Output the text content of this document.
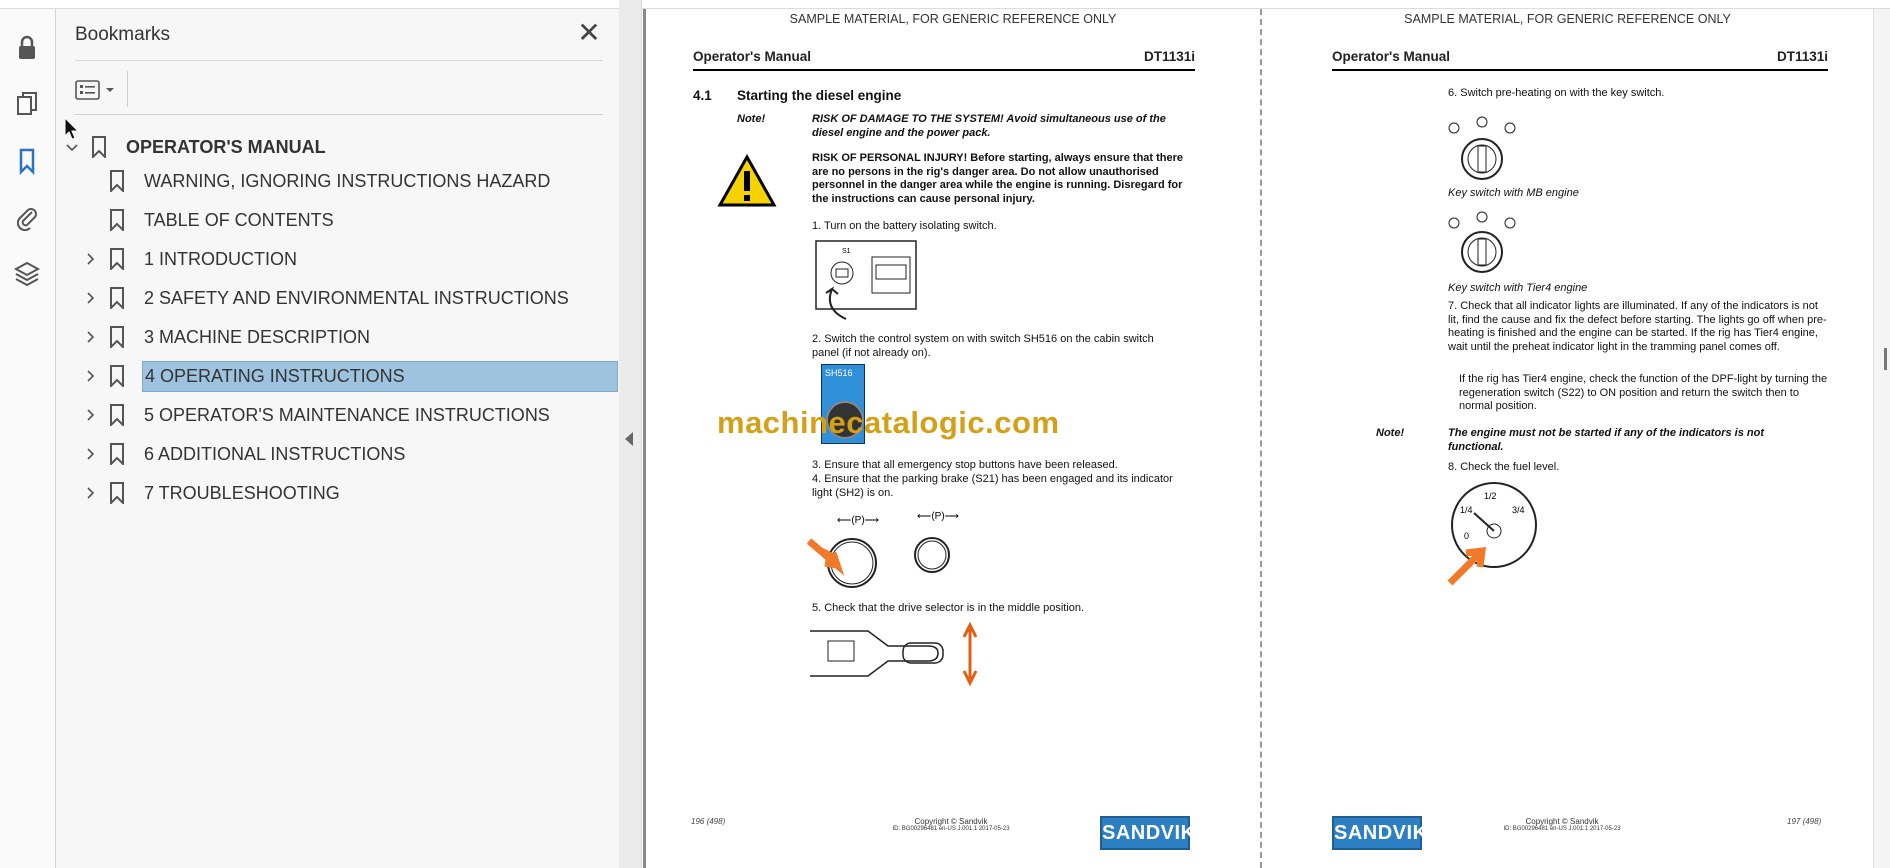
Bookmarks	✕
OPERATOR'S MANUAL
WARNING, IGNORING INSTRUCTIONS HAZARD
TABLE OF CONTENTS
1 INTRODUCTION
2 SAFETY AND ENVIRONMENTAL INSTRUCTIONS
3 MACHINE DESCRIPTION
4 OPERATING INSTRUCTIONS
5 OPERATOR'S MAINTENANCE INSTRUCTIONS
6 ADDITIONAL INSTRUCTIONS
7 TROUBLESHOOTING
SAMPLE MATERIAL, FOR GENERIC REFERENCE ONLY
Operator's Manual	DT1131i
4.1 Starting the diesel engine
Note!	RISK OF DAMAGE TO THE SYSTEM! Avoid simultaneous use of the diesel engine and the power pack.
RISK OF PERSONAL INJURY! Before starting, always ensure that there are no persons in the rig's danger area. Do not allow unauthorised personnel in the danger area while the engine is running. Disregard for the instructions can cause personal injury.
1. Turn on the battery isolating switch.
S1
2. Switch the control system on with switch SH516 on the cabin switch panel (if not already on).
SH516
3. Ensure that all emergency stop buttons have been released.
4. Ensure that the parking brake (S21) has been engaged and its indicator light (SH2) is on.
⟵(P)⟶	⟵(P)⟶
5. Check that the drive selector is in the middle position.
196 (498)	Copyright © Sandvik
ID: BG00296481 en-US J.001.1 2017-05-23	SANDVIK
SAMPLE MATERIAL, FOR GENERIC REFERENCE ONLY
Operator's Manual	DT1131i
6. Switch pre-heating on with the key switch.
Key switch with MB engine
Key switch with Tier4 engine
7. Check that all indicator lights are illuminated. If any of the indicators is not lit, find the cause and fix the defect before starting. The lights go off when pre-heating is finished and the engine can be started. If the rig has Tier4 engine, wait until the preheat indicator light in the tramming panel comes off.
If the rig has Tier4 engine, check the function of the DPF-light by turning the regeneration switch (S22) to ON position and return the switch then to normal position.
Note!	The engine must not be started if any of the indicators is not functional.
8. Check the fuel level.
1/2
1/4	3/4
0
SANDVIK
Copyright © Sandvik
ID: BG00296481 en-US J.001.1 2017-05-23
197 (498)
machinecatalogic.com
